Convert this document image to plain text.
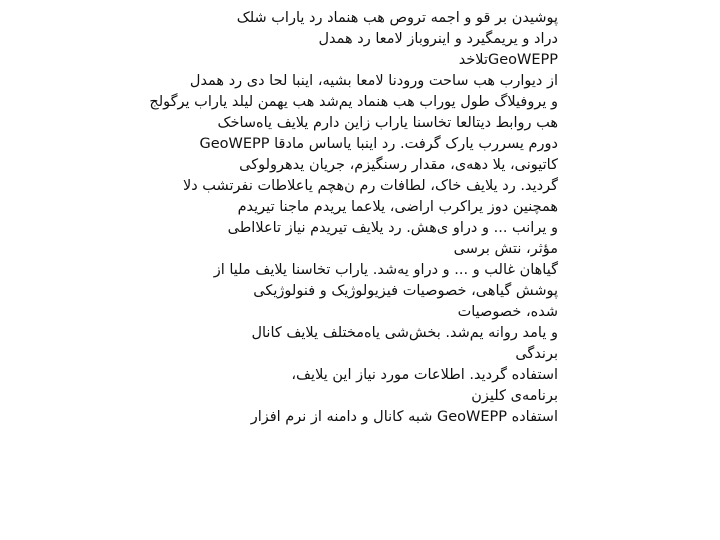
پوشیدن بر قو و اجمه تروص هب هنماد رد یاراب شلک
دراد و یریمگیرد و اینروباز لامعا رد همدل
GeoWEPPتلاخد
از دیوارب هب ساحت ورودنا لامعا بشیه، اینبا لحا دی رد همدل
و یروفیلاگ طول یوراب هب هنماد یم‌شد هب یهمن لیلد یاراب یرگولج
هب روابط دیتالعا تخاسنا یاراب زاین دارم یلایف یاه‌ساخک
دورم یسررب یارک گرفت. رد اینبا یاساس مادقا GeoWEPP
کاتیونی، یلا دهه‌ی، مقدار رسنگیزم، جریان یدهرولوکی
گردید. رد یلایف خاک، لطافات رم ن‌هچم یاعلاطات نفرتشب دلا
همچنین دوز یراکرب اراضی، یلاعما یریدم ماجنا تیریدم
و یرانب ... و دراو ی‌هش. رد یلایف تیریدم نیاز تاعلااطی
مؤثر، نتش برسی
گیاهان غالب و ... و دراو یه‌شد. یاراب تخاسنا یلایف ملیا از
پوشش گیاهی، خصوصیات فیزیولوژیک و فنولوژیکی
شده، خصوصیات
و یامد روانه یم‌شد. بخش‌شی یاه‌مختلف یلایف کانال
برندگی
استفاده گردید. اطلاعات مورد نیاز این یلایف،
برنامه‌ی کلیزن
استفاده GeoWEPP شبه کانال و دامنه از نرم افزار
